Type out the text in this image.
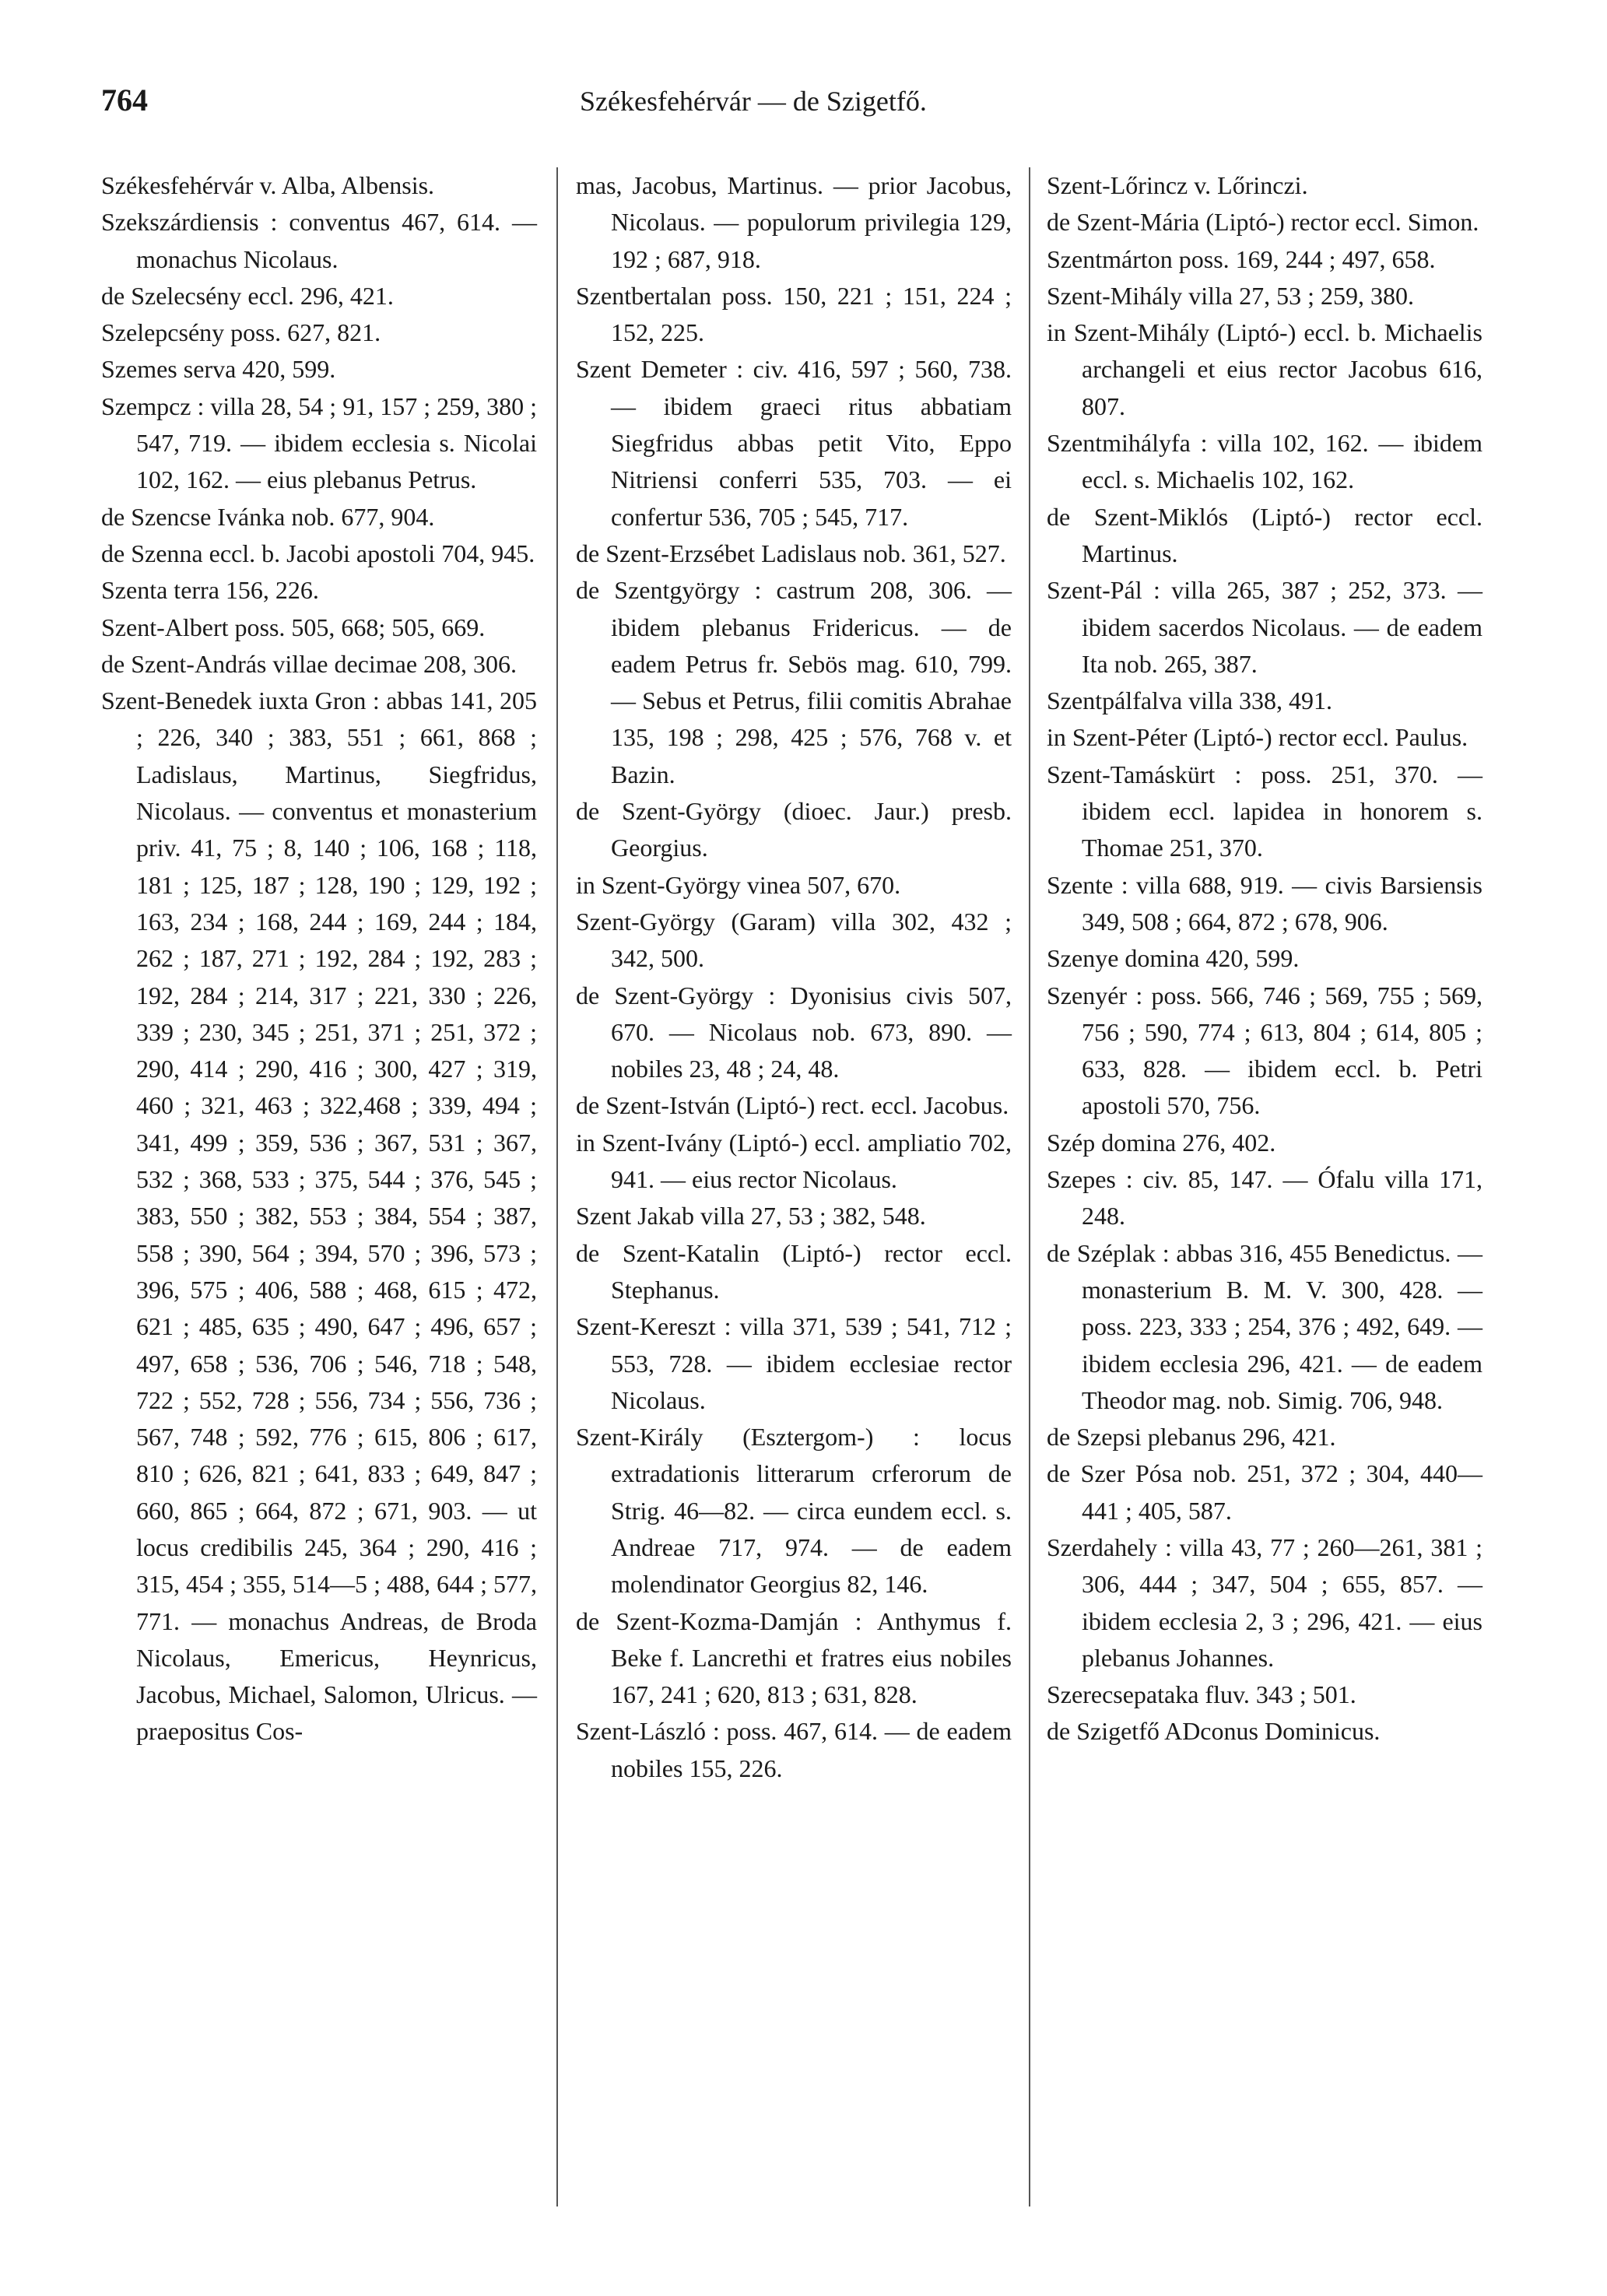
764	Székesfehérvár — de Szigetfő.

Székesfehérvár v. Alba, Albensis.

Szekszárdiensis : conventus 467, 614. — monachus Nicolaus.

de Szelecsény eccl. 296, 421.

Szelepcsény poss. 627, 821.

Szemes serva 420, 599.

Szempcz : villa 28, 54 ; 91, 157 ; 259, 380 ; 547, 719. — ibidem ecclesia s. Nicolai 102, 162. — eius plebanus Petrus.

de Szencse Ivánka nob. 677, 904.

de Szenna eccl. b. Jacobi apostoli 704, 945.

Szenta terra 156, 226.

Szent-Albert poss. 505, 668; 505, 669.

de Szent-András villae decimae 208, 306.

Szent-Benedek iuxta Gron : abbas 141, 205 ; 226, 340 ; 383, 551 ; 661, 868 ; Ladislaus, Martinus, Siegfridus, Nicolaus. — conventus et monasterium priv. 41, 75 ; 8, 140 ; 106, 168 ; 118, 181 ; 125, 187 ; 128, 190 ; 129, 192 ; 163, 234 ; 168, 244 ; 169, 244 ; 184, 262 ; 187, 271 ; 192, 284 ; 192, 283 ; 192, 284 ; 214, 317 ; 221, 330 ; 226, 339 ; 230, 345 ; 251, 371 ; 251, 372 ; 290, 414 ; 290, 416 ; 300, 427 ; 319, 460 ; 321, 463 ; 322,468 ; 339, 494 ; 341, 499 ; 359, 536 ; 367, 531 ; 367, 532 ; 368, 533 ; 375, 544 ; 376, 545 ; 383, 550 ; 382, 553 ; 384, 554 ; 387, 558 ; 390, 564 ; 394, 570 ; 396, 573 ; 396, 575 ; 406, 588 ; 468, 615 ; 472, 621 ; 485, 635 ; 490, 647 ; 496, 657 ; 497, 658 ; 536, 706 ; 546, 718 ; 548, 722 ; 552, 728 ; 556, 734 ; 556, 736 ; 567, 748 ; 592, 776 ; 615, 806 ; 617, 810 ; 626, 821 ; 641, 833 ; 649, 847 ; 660, 865 ; 664, 872 ; 671, 903. — ut locus credibilis 245, 364 ; 290, 416 ; 315, 454 ; 355, 514—5 ; 488, 644 ; 577, 771. — monachus Andreas, de Broda Nicolaus, Emericus, Heynricus, Jacobus, Michael, Salomon, Ulricus. — praepositus Cos-

mas, Jacobus, Martinus. — prior Jacobus, Nicolaus. — populorum privilegia 129, 192 ; 687, 918.

Szentbertalan poss. 150, 221 ; 151, 224 ; 152, 225.

Szent Demeter : civ. 416, 597 ; 560, 738. — ibidem graeci ritus abbatiam Siegfridus abbas petit Vito, Eppo Nitriensi conferri 535, 703. — ei confertur 536, 705 ; 545, 717.

de Szent-Erzsébet Ladislaus nob. 361, 527.

de Szentgyörgy : castrum 208, 306. — ibidem plebanus Fridericus. — de eadem Petrus fr. Sebös mag. 610, 799. — Sebus et Petrus, filii comitis Abrahae 135, 198 ; 298, 425 ; 576, 768 v. et Bazin.

de Szent-György (dioec. Jaur.) presb. Georgius.

in Szent-György vinea 507, 670.

Szent-György (Garam) villa 302, 432 ; 342, 500.

de Szent-György : Dyonisius civis 507, 670. — Nicolaus nob. 673, 890. — nobiles 23, 48 ; 24, 48.

de Szent-István (Liptó-) rect. eccl. Jacobus.

in Szent-Ivány (Liptó-) eccl. ampliatio 702, 941. — eius rector Nicolaus.

Szent Jakab villa 27, 53 ; 382, 548.

de Szent-Katalin (Liptó-) rector eccl. Stephanus.

Szent-Kereszt : villa 371, 539 ; 541, 712 ; 553, 728. — ibidem ecclesiae rector Nicolaus.

Szent-Király (Esztergom-) : locus extradationis litterarum crferorum de Strig. 46—82. — circa eundem eccl. s. Andreae 717, 974. — de eadem molendinator Georgius 82, 146.

de Szent-Kozma-Damján : Anthymus f. Beke f. Lancrethi et fratres eius nobiles 167, 241 ; 620, 813 ; 631, 828.

Szent-László : poss. 467, 614. — de eadem nobiles 155, 226.

Szent-Lőrincz v. Lőrinczi.

de Szent-Mária (Liptó-) rector eccl. Simon.

Szentmárton poss. 169, 244 ; 497, 658.

Szent-Mihály villa 27, 53 ; 259, 380.

in Szent-Mihály (Liptó-) eccl. b. Michaelis archangeli et eius rector Jacobus 616, 807.

Szentmihályfa : villa 102, 162. — ibidem eccl. s. Michaelis 102, 162.

de Szent-Miklós (Liptó-) rector eccl. Martinus.

Szent-Pál : villa 265, 387 ; 252, 373. — ibidem sacerdos Nicolaus. — de eadem Ita nob. 265, 387.

Szentpálfalva villa 338, 491.

in Szent-Péter (Liptó-) rector eccl. Paulus.

Szent-Tamáskürt : poss. 251, 370. — ibidem eccl. lapidea in honorem s. Thomae 251, 370.

Szente : villa 688, 919. — civis Barsiensis 349, 508 ; 664, 872 ; 678, 906.

Szenye domina 420, 599.

Szenyér : poss. 566, 746 ; 569, 755 ; 569, 756 ; 590, 774 ; 613, 804 ; 614, 805 ; 633, 828. — ibidem eccl. b. Petri apostoli 570, 756.

Szép domina 276, 402.

Szepes : civ. 85, 147. — Ófalu villa 171, 248.

de Széplak : abbas 316, 455 Benedictus. — monasterium B. M. V. 300, 428. — poss. 223, 333 ; 254, 376 ; 492, 649. — ibidem ecclesia 296, 421. — de eadem Theodor mag. nob. Simig. 706, 948.

de Szepsi plebanus 296, 421.

de Szer Pósa nob. 251, 372 ; 304, 440—441 ; 405, 587.

Szerdahely : villa 43, 77 ; 260—261, 381 ; 306, 444 ; 347, 504 ; 655, 857. — ibidem ecclesia 2, 3 ; 296, 421. — eius plebanus Johannes.

Szerecsepataka fluv. 343 ; 501.

de Szigetfő ADconus Dominicus.
